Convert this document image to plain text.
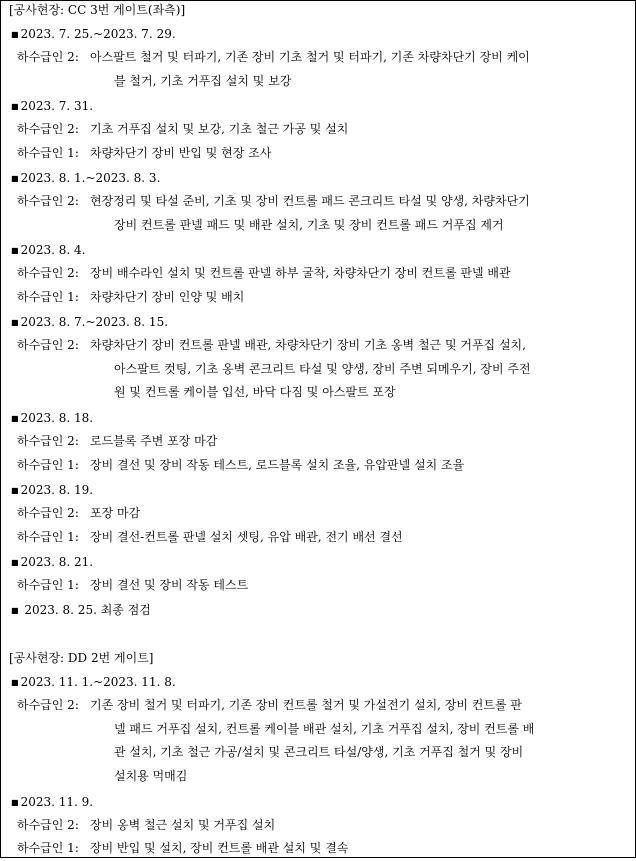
[공사현장: CC 3번 게이트(좌측)]
■ 2023. 7. 25.~2023. 7. 29.
하수급인 2: 아스팔트 철거 및 터파기, 기존 장비 기초 철거 및 터파기, 기존 차량차단기 장비 케이
블 철거, 기초 거푸집 설치 및 보강
■ 2023. 7. 31.
하수급인 2: 기초 거푸집 설치 및 보강, 기초 철근 가공 및 설치
하수급인 1: 차량차단기 장비 반입 및 현장 조사
■ 2023. 8. 1.~2023. 8. 3.
하수급인 2: 현장정리 및 타설 준비, 기초 및 장비 컨트롤 패드 콘크리트 타설 및 양생, 차량차단기
장비 컨트롤 판넬 패드 및 배관 설치, 기초 및 장비 컨트롤 패드 거푸집 제거
■ 2023. 8. 4.
하수급인 2: 장비 배수라인 설치 및 컨트롤 판넬 하부 굴착, 차량차단기 장비 컨트롤 판넬 배관
하수급인 1: 차량차단기 장비 인양 및 배치
■ 2023. 8. 7.~2023. 8. 15.
하수급인 2: 차량차단기 장비 컨트롤 판넬 배관, 차량차단기 장비 기초 옹벽 철근 및 거푸집 설치,
아스팔트 컷팅, 기초 옹벽 콘크리트 타설 및 양생, 장비 주변 되메우기, 장비 주전
원 및 컨트롤 케이블 입선, 바닥 다짐 및 아스팔트 포장
■ 2023. 8. 18.
하수급인 2: 로드블록 주변 포장 마감
하수급인 1: 장비 결선 및 장비 작동 테스트, 로드블록 설치 조율, 유압판넬 설치 조율
■ 2023. 8. 19.
하수급인 2: 포장 마감
하수급인 1: 장비 결선-컨트롤 판넬 설치 셋팅, 유압 배관, 전기 배선 결선
■ 2023. 8. 21.
하수급인 1: 장비 결선 및 장비 작동 테스트
■ 2023. 8. 25. 최종 점검
[공사현장: DD 2번 게이트]
■ 2023. 11. 1.~2023. 11. 8.
하수급인 2: 기존 장비 철거 및 터파기, 기존 장비 컨트롤 철거 및 가설전기 설치, 장비 컨트롤 판
넬 패드 거푸집 설치, 컨트롤 케이블 배관 설치, 기초 거푸집 설치, 장비 컨트롤 배
관 설치, 기초 철근 가공/설치 및 콘크리트 타설/양생, 기초 거푸집 철거 및 장비
설치용 먹매김
■ 2023. 11. 9.
하수급인 2: 장비 옹벽 철근 설치 및 거푸집 설치
하수급인 1: 장비 반입 및 설치, 장비 컨트롤 배관 설치 및 결속
